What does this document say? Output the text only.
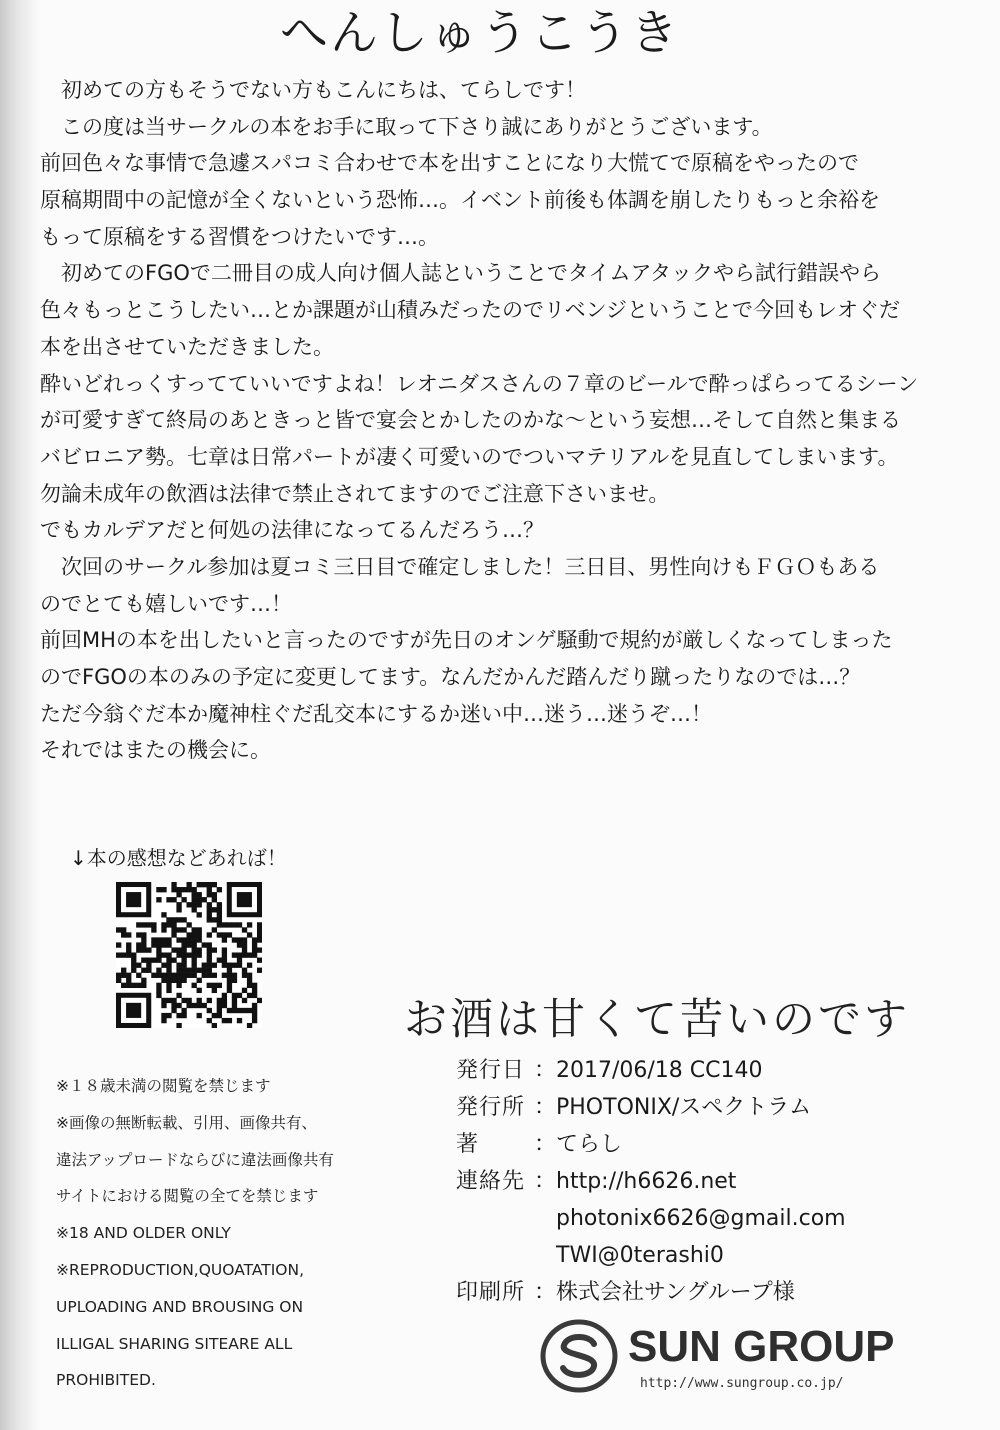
へんしゅうこうき
　初めての方もそうでない方もこんにちは、てらしです！
　この度は当サークルの本をお手に取って下さり誠にありがとうございます。
前回色々な事情で急遽スパコミ合わせで本を出すことになり大慌てで原稿をやったので
原稿期間中の記憶が全くないという恐怖…。イベント前後も体調を崩したりもっと余裕を
もって原稿をする習慣をつけたいです…。
　初めてのFGOで二冊目の成人向け個人誌ということでタイムアタックやら試行錯誤やら
色々もっとこうしたい…とか課題が山積みだったのでリベンジということで今回もレオぐだ
本を出させていただきました。
酔いどれっくすってていいですよね！レオニダスさんの７章のビールで酔っぱらってるシーン
が可愛すぎて終局のあときっと皆で宴会とかしたのかな〜という妄想…そして自然と集まる
バビロニア勢。七章は日常パートが凄く可愛いのでついマテリアルを見直してしまいます。
勿論未成年の飲酒は法律で禁止されてますのでご注意下さいませ。
でもカルデアだと何処の法律になってるんだろう…？
　次回のサークル参加は夏コミ三日目で確定しました！三日目、男性向けもＦＧＯもある
のでとても嬉しいです…！
前回MHの本を出したいと言ったのですが先日のオンゲ騒動で規約が厳しくなってしまった
のでFGOの本のみの予定に変更してます。なんだかんだ踏んだり蹴ったりなのでは…？
ただ今翁ぐだ本か魔神柱ぐだ乱交本にするか迷い中…迷う…迷うぞ…！
それではまたの機会に。
↓本の感想などあれば！
※１８歳未満の閲覧を禁じます
※画像の無断転載、引用、画像共有、
違法アップロードならびに違法画像共有
サイトにおける閲覧の全てを禁じます
※18 AND OLDER ONLY
※REPRODUCTION,QUOATATION,
UPLOADING AND BROUSING ON
ILLIGAL SHARING SITEARE ALL
PROHIBITED.
お酒は甘くて苦いのです
発行日 ： 2017/06/18 CC140
発行所 ： PHOTONIX/スペクトラム
著	： てらし
連絡先 ： http://h6626.net
photonix6626@gmail.com
TWI@0terashi0
印刷所 ： 株式会社サングループ様
SUN GROUP
http://www.sungroup.co.jp/
